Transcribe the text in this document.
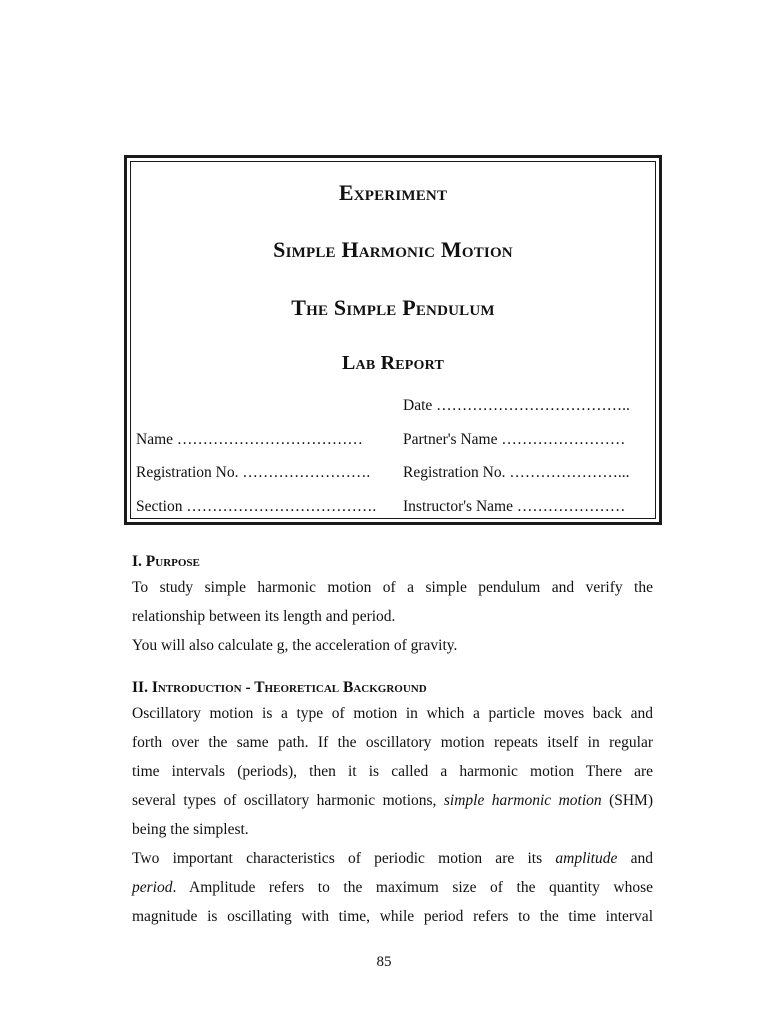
Experiment
Simple Harmonic Motion
The Simple Pendulum
Lab Report
Date ………………………………..
Name ………………………………	Partner's Name ……………………
Registration No. ……………………. Registration No. …………………...
Section ………………………………. Instructor's Name …………………
I. Purpose
To study simple harmonic motion of a simple pendulum and verify the
relationship between its length and period.
You will also calculate g, the acceleration of gravity.
II. Introduction - Theoretical Background
Oscillatory motion is a type of motion in which a particle moves back and
forth over the same path. If the oscillatory motion repeats itself in regular
time intervals (periods), then it is called a harmonic motion There are
several types of oscillatory harmonic motions, simple harmonic motion (SHM)
being the simplest.
Two important characteristics of periodic motion are its amplitude and
period. Amplitude refers to the maximum size of the quantity whose
magnitude is oscillating with time, while period refers to the time interval
85
